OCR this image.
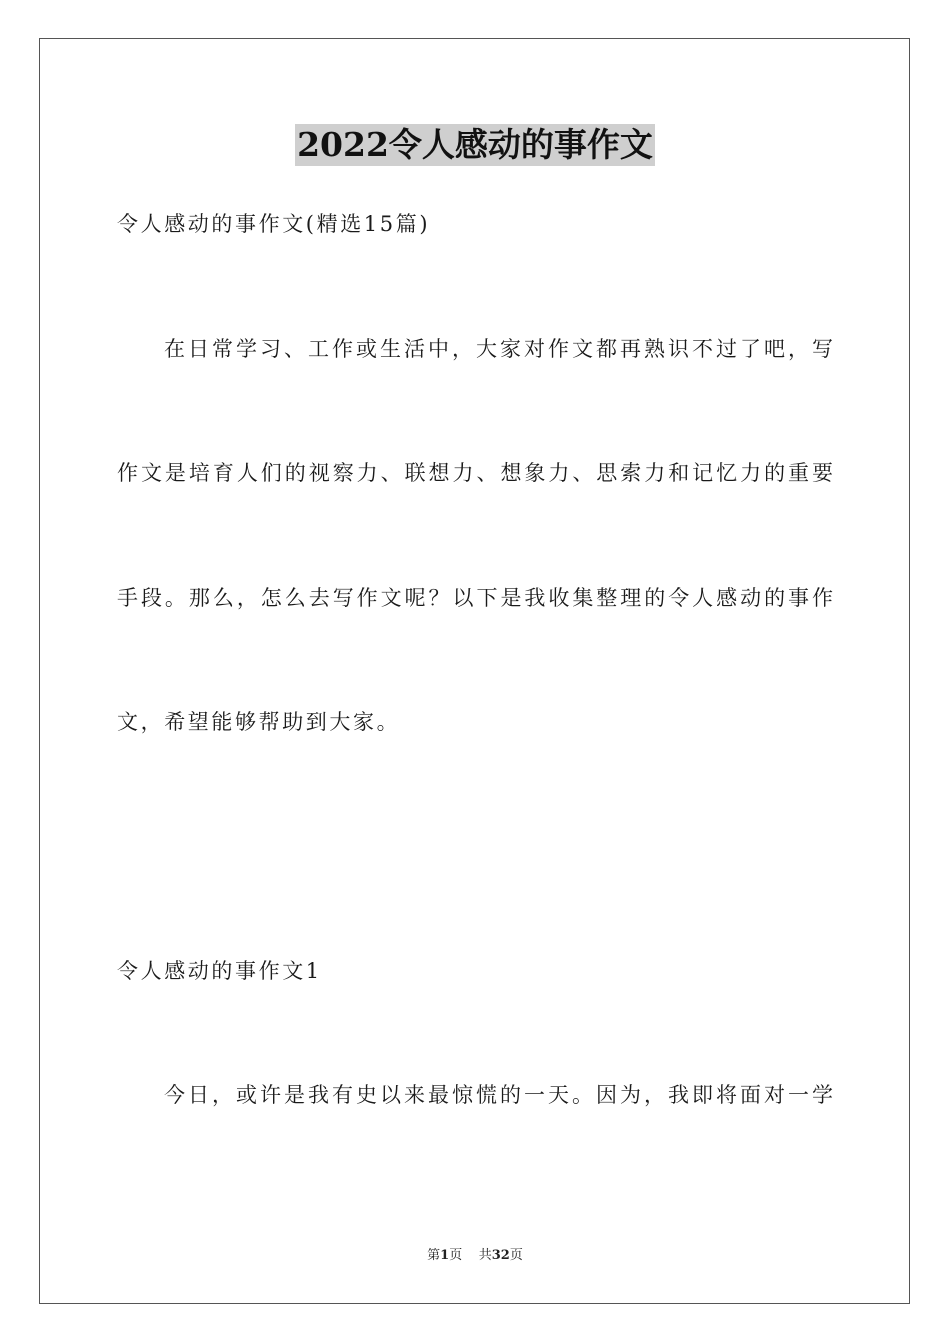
2022令人感动的事作文
令人感动的事作文(精选15篇)
在日常学习、工作或生活中，大家对作文都再熟识不过了吧，写
作文是培育人们的视察力、联想力、想象力、思索力和记忆力的重要
手段。那么，怎么去写作文呢？以下是我收集整理的令人感动的事作
文，希望能够帮助到大家。
令人感动的事作文1
今日，或许是我有史以来最惊慌的一天。因为，我即将面对一学
第1页 共32页
